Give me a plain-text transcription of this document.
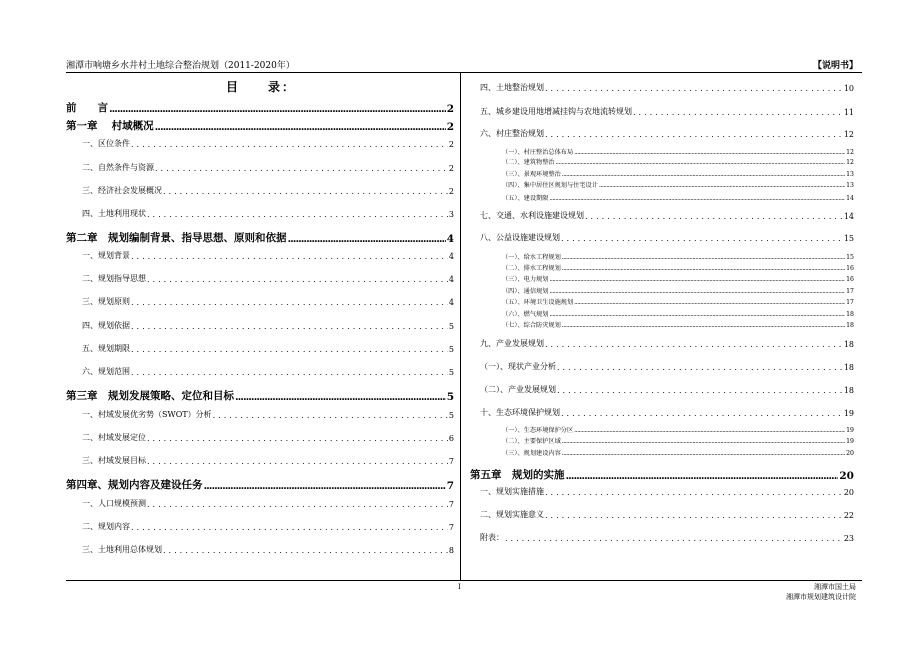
湘潭市响塘乡水井村土地综合整治规划（2011-2020年）	【说明书】
目　　录：
前　　言 .....	2
第一章　 村域概况 .....	2
一、区位条件 .....	2
二、自然条件与资源 .....	2
三、经济社会发展概况 .....	2
四、土地利用现状 .....	3
第二章　规划编制背景、指导思想、原则和依据 .....	4
一、规划背景 .....	4
二、规划指导思想 .....	4
三、规划原则 .....	4
四、规划依据 .....	5
五、规划期限 .....	5
六、规划范围 .....	5
第三章　规划发展策略、定位和目标 .....	5
一、村域发展优劣势（SWOT）分析 .....	5
二、村域发展定位 .....	6
三、村域发展目标 .....	7
第四章、规划内容及建设任务 .....	7
一、人口规模预测 .....	7
二、规划内容 .....	7
三、土地利用总体规划 .....	8
四、土地整治规划 .....	10
五、城乡建设用地增减挂钩与农地流转规划 .....	11
六、村庄整治规划 .....	12
（一）、村庄整治总体布局 .....	12
（二）、建筑物整治 .....	12
（三）、景观环境整治 .....	13
（四）、集中居住区规划与住宅设计 .....	13
（五）、建设期限 .....	14
七、交通、水利设施建设规划 .....	14
八、公益设施建设规划 .....	15
（一）、给水工程规划 .....	15
（二）、排水工程规划 .....	16
（三）、电力规划 .....	16
（四）、通信规划 .....	17
（五）、环境卫生设施规划 .....	17
（六）、燃气规划 .....	18
（七）、综合防灾规划 .....	18
九、产业发展规划 .....	18
（一）、现状产业分析 .....	18
（二）、产业发展规划 .....	18
十、生态环境保护规划 .....	19
（一）、生态环境保护分区 .....	19
（二）、主要保护区域 .....	19
（三）、规划建设内容 .....	20
第五章　规划的实施 .....	20
一、规划实施措施 .....	20
二、规划实施意义 .....	22
附表： .....	23
I	湘潭市国土局
湘潭市规划建筑设计院
